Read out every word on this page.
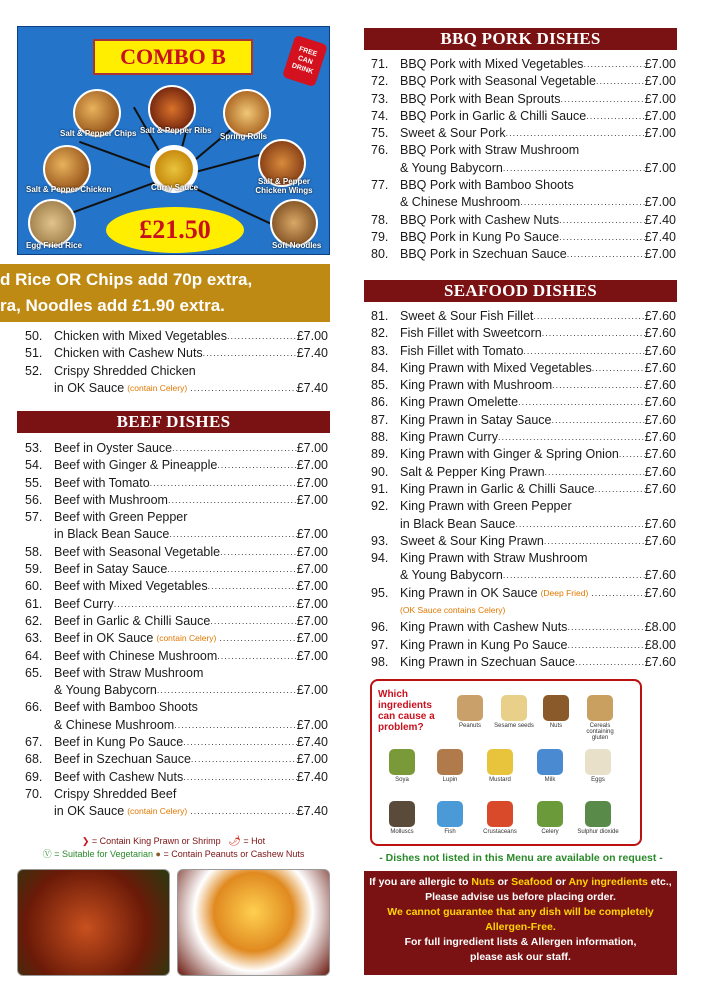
COMBO B	FREE CAN DRINK
Salt & Pepper Chips Salt & Pepper Ribs
Spring Rolls
Salt & Pepper Chicken	Curry Sauce
Salt & Pepper Chicken Wings
Egg Fried Rice	Soft Noodles
£21.50
d Rice OR Chips add 70p extra,
ra, Noodles add £1.90 extra.
50. Chicken with Mixed Vegetables .....	£7.00
51. Chicken with Cashew Nuts .....	£7.40
52. Crispy Shredded Chicken
in OK Sauce (contain Celery) .....	£7.40
BEEF DISHES
53. Beef in Oyster Sauce .....	£7.00
54. Beef with Ginger & Pineapple .....	£7.00
55. Beef with Tomato .....	£7.00
56. Beef with Mushroom .....	£7.00
57. Beef with Green Pepper
in Black Bean Sauce .....	£7.00
58. Beef with Seasonal Vegetable .....	£7.00
59. Beef in Satay Sauce .....	£7.00
60. Beef with Mixed Vegetables .....	£7.00
61. Beef Curry .....	£7.00
62. Beef in Garlic & Chilli Sauce .....	£7.00
63. Beef in OK Sauce (contain Celery) .....	£7.00
64. Beef with Chinese Mushroom .....	£7.00
65. Beef with Straw Mushroom
& Young Babycorn .....	£7.00
66. Beef with Bamboo Shoots
& Chinese Mushroom .....	£7.00
67. Beef in Kung Po Sauce .....	£7.40
68. Beef in Szechuan Sauce .....	£7.00
69. Beef with Cashew Nuts .....	£7.40
70. Crispy Shredded Beef
in OK Sauce (contain Celery) .....	£7.40
❯ = Contain King Prawn or Shrimp 🌶 = Hot
Ⓥ = Suitable for Vegetarian ● = Contain Peanuts or Cashew Nuts
BBQ PORK DISHES
71. BBQ Pork with Mixed Vegetables .....	£7.00
72. BBQ Pork with Seasonal Vegetable .....	£7.00
73. BBQ Pork with Bean Sprouts .....	£7.00
74. BBQ Pork in Garlic & Chilli Sauce .....	£7.00
75. Sweet & Sour Pork .....	£7.00
76. BBQ Pork with Straw Mushroom
& Young Babycorn .....	£7.00
77. BBQ Pork with Bamboo Shoots
& Chinese Mushroom .....	£7.00
78. BBQ Pork with Cashew Nuts .....	£7.40
79. BBQ Pork in Kung Po Sauce .....	£7.40
80. BBQ Pork in Szechuan Sauce .....	£7.00
SEAFOOD DISHES
81. Sweet & Sour Fish Fillet .....	£7.60
82. Fish Fillet with Sweetcorn .....	£7.60
83. Fish Fillet with Tomato .....	£7.60
84. King Prawn with Mixed Vegetables .....	£7.60
85. King Prawn with Mushroom .....	£7.60
86. King Prawn Omelette .....	£7.60
87. King Prawn in Satay Sauce .....	£7.60
88. King Prawn Curry .....	£7.60
89. King Prawn with Ginger & Spring Onion ..... £7.60
90. Salt & Pepper King Prawn .....	£7.60
91. King Prawn in Garlic & Chilli Sauce .....	£7.60
92. King Prawn with Green Pepper
in Black Bean Sauce .....	£7.60
93. Sweet & Sour King Prawn .....	£7.60
94. King Prawn with Straw Mushroom
& Young Babycorn .....	£7.60
95. King Prawn in OK Sauce (Deep Fried) .....	£7.60
(OK Sauce contains Celery)
96. King Prawn with Cashew Nuts .....	£8.00
97. King Prawn in Kung Po Sauce .....	£8.00
98. King Prawn in Szechuan Sauce .....	£7.60
Which ingredients can cause a problem?	Peanuts	Sesame seeds	Nuts	Cereals containing gluten
Soya	Lupin	Mustard	Milk	Eggs
Molluscs	Fish	Crustaceans	Celery	Sulphur dioxide
- Dishes not listed in this Menu are available on request -
If you are allergic to Nuts or Seafood or Any ingredients etc.,
Please advise us before placing order.
We cannot guarantee that any dish will be completely
Allergen-Free.
For full ingredient lists & Allergen information,
please ask our staff.
